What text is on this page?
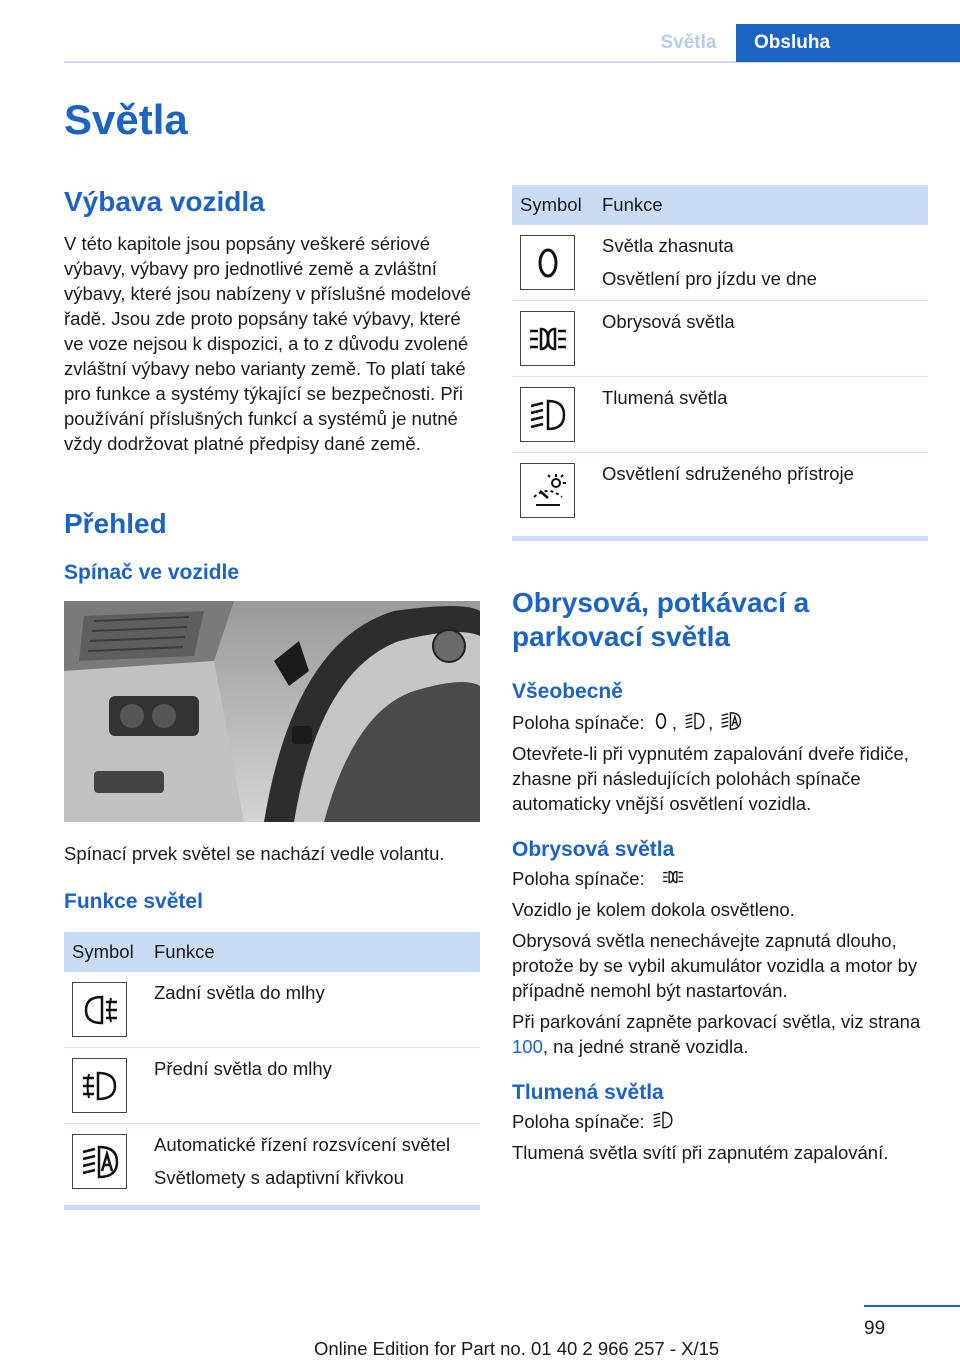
Světla	Obsluha
Světla
Výbava vozidla

V této kapitole jsou popsány veškeré sériové výbavy, výbavy pro jednotlivé země a zvláštní výbavy, které jsou nabízeny v příslušné modelové řadě. Jsou zde proto popsány také výbavy, které ve voze nejsou k dispozici, a to z důvodu zvolené zvláštní výbavy nebo varianty země. To platí také pro funkce a systémy týkající se bezpečnosti. Při používání příslušných funkcí a systémů je nutné vždy dodržovat platné předpisy dané země.

Přehled
Spínač ve vozidle

Spínací prvek světel se nachází vedle volantu.

Funkce světel
Symbol	Funkce

Zadní světla do mlhy

Přední světla do mlhy

Automatické řízení rozsvícení světel
Světlomety s adaptivní křivkou
Symbol	Funkce

Světla zhasnuta
Osvětlení pro jízdu ve dne

Obrysová světla

Tlumená světla

Osvětlení sdruženého přístroje
Obrysová, potkávací a parkovací světla
Všeobecně

Poloha spínače: , ,

Otevřete-li při vypnutém zapalování dveře řidiče, zhasne při následujících polohách spínače automaticky vnější osvětlení vozidla.

Obrysová světla

Poloha spínače:

Vozidlo je kolem dokola osvětleno.

Obrysová světla nenechávejte zapnutá dlouho, protože by se vybil akumulátor vozidla a motor by případně nemohl být nastartován.

Při parkování zapněte parkovací světla, viz strana 100, na jedné straně vozidla.

Tlumená světla

Poloha spínače:

Tlumená světla svítí při zapnutém zapalování.

99
Online Edition for Part no. 01 40 2 966 257 - X/15
